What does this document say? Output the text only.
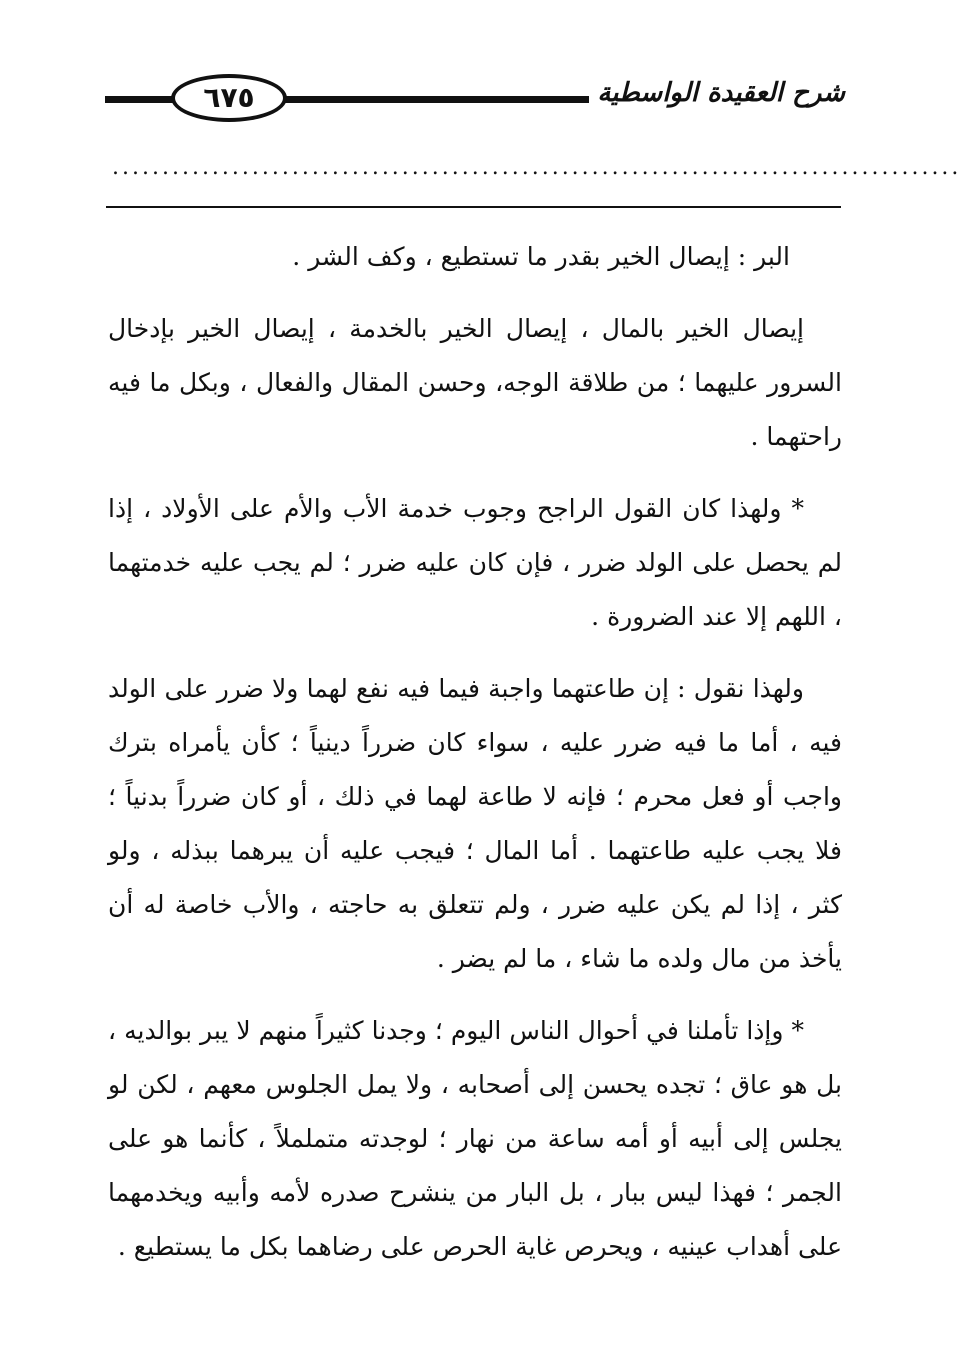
٦٧٥	شرح العقيدة الواسطية
.....................................................................................

البر : إيصال الخير بقدر ما تستطيع ، وكف الشر .

إيصال الخير بالمال ، إيصال الخير بالخدمة ، إيصال الخير بإدخال السرور عليهما ؛ من طلاقة الوجه، وحسن المقال والفعال ، وبكل ما فيه راحتهما .

* ولهذا كان القول الراجح وجوب خدمة الأب والأم على الأولاد ، إذا لم يحصل على الولد ضرر ، فإن كان عليه ضرر ؛ لم يجب عليه خدمتهما ، اللهم إلا عند الضرورة .

ولهذا نقول : إن طاعتهما واجبة فيما فيه نفع لهما ولا ضرر على الولد فيه ، أما ما فيه ضرر عليه ، سواء كان ضرراً دينياً ؛ كأن يأمراه بترك واجب أو فعل محرم ؛ فإنه لا طاعة لهما في ذلك ، أو كان ضرراً بدنياً ؛ فلا يجب عليه طاعتهما . أما المال ؛ فيجب عليه أن يبرهما ببذله ، ولو كثر ، إذا لم يكن عليه ضرر ، ولم تتعلق به حاجته ، والأب خاصة له أن يأخذ من مال ولده ما شاء ، ما لم يضر .

* وإذا تأملنا في أحوال الناس اليوم ؛ وجدنا كثيراً منهم لا يبر بوالديه ، بل هو عاق ؛ تجده يحسن إلى أصحابه ، ولا يمل الجلوس معهم ، لكن لو يجلس إلى أبيه أو أمه ساعة من نهار ؛ لوجدته متململاً ، كأنما هو على الجمر ؛ فهذا ليس ببار ، بل البار من ينشرح صدره لأمه وأبيه ويخدمهما على أهداب عينيه ، ويحرص غاية الحرص على رضاهما بكل ما يستطيع .
